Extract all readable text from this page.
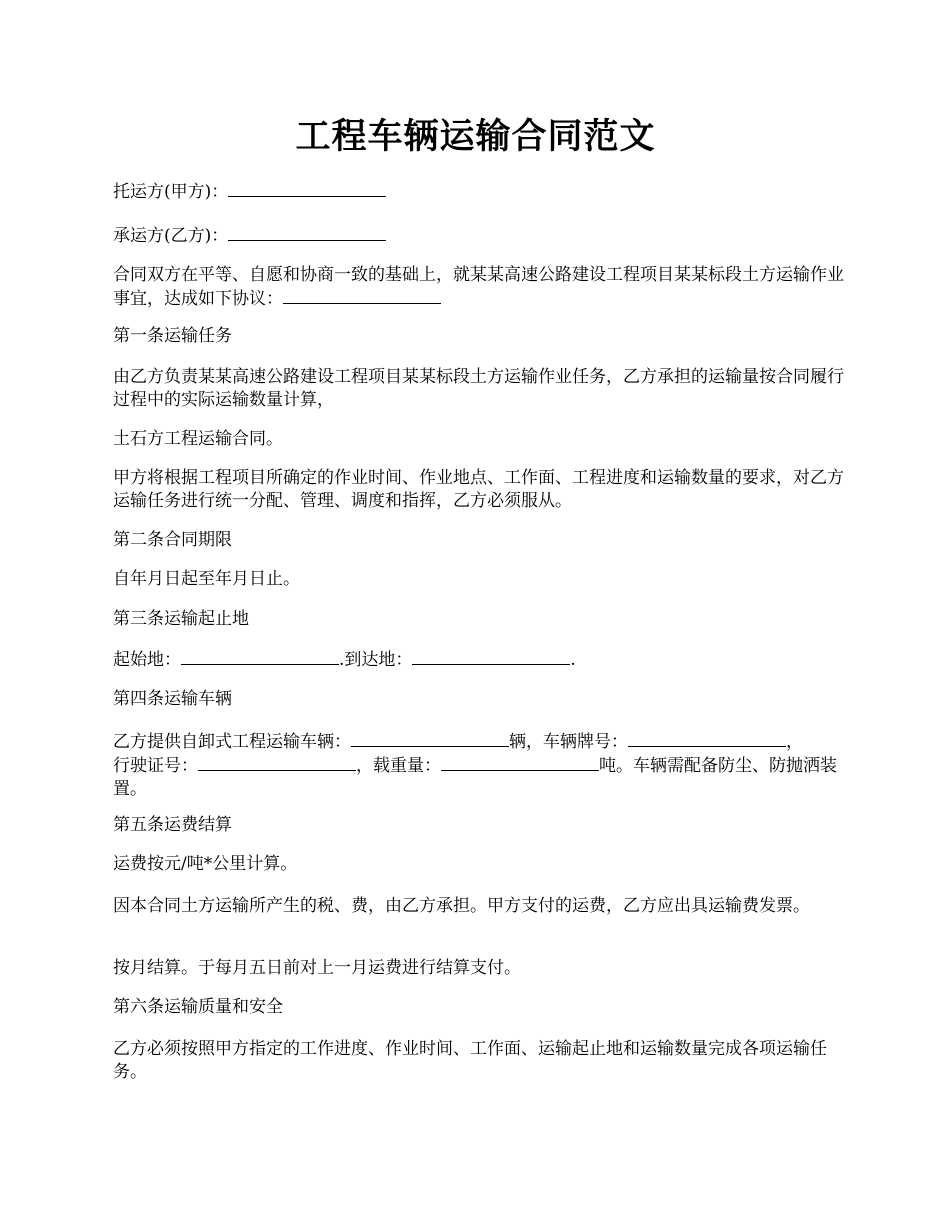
工程车辆运输合同范文

托运方(甲方)：

承运方(乙方)：

合同双方在平等、自愿和协商一致的基础上，就某某高速公路建设工程项目某某标段土方运输作业事宜，达成如下协议：

第一条运输任务

由乙方负责某某高速公路建设工程项目某某标段土方运输作业任务，乙方承担的运输量按合同履行过程中的实际运输数量计算，

土石方工程运输合同。

甲方将根据工程项目所确定的作业时间、作业地点、工作面、工程进度和运输数量的要求，对乙方运输任务进行统一分配、管理、调度和指挥，乙方必须服从。

第二条合同期限

自年月日起至年月日止。

第三条运输起止地

起始地：	.到达地：	.

第四条运输车辆

乙方提供自卸式工程运输车辆：	辆，车辆牌号：	，
行驶证号：	，载重量：	吨。车辆需配备防尘、防抛洒装置。

第五条运费结算

运费按元/吨*公里计算。

因本合同土方运输所产生的税、费，由乙方承担。甲方支付的运费，乙方应出具运输费发票。

按月结算。于每月五日前对上一月运费进行结算支付。

第六条运输质量和安全

乙方必须按照甲方指定的工作进度、作业时间、工作面、运输起止地和运输数量完成各项运输任务。
